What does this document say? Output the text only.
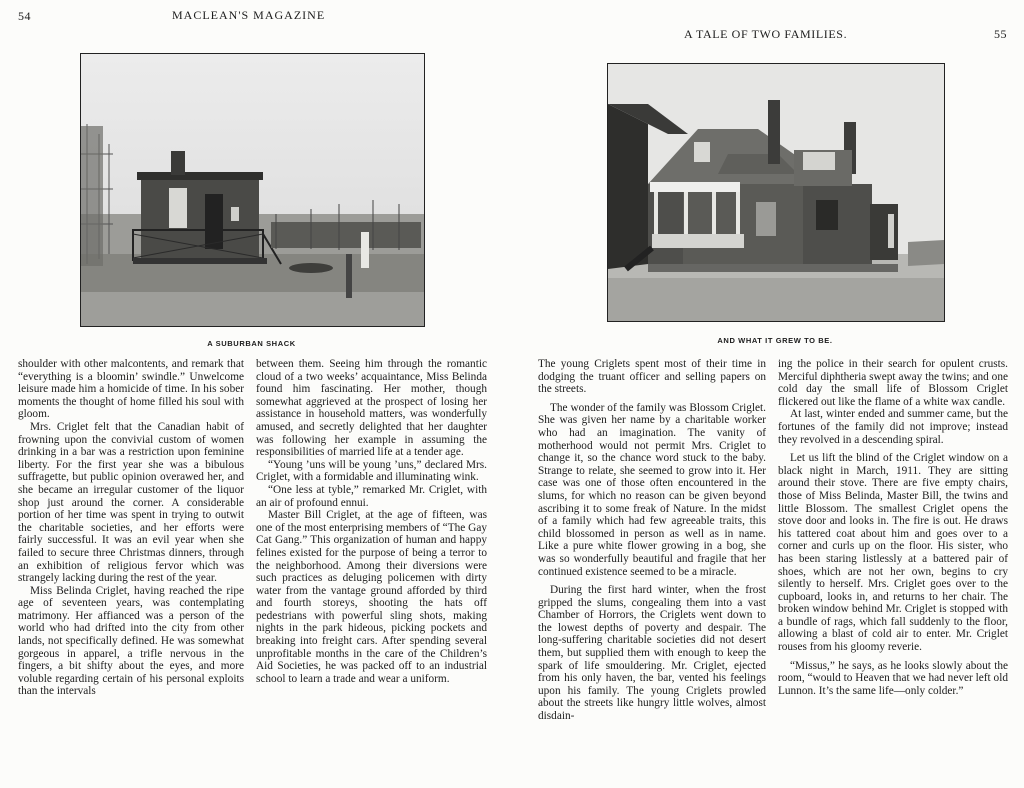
54	MACLEAN'S MAGAZINE
A SUBURBAN SHACK

shoulder with other malcontents, and remark that “everything is a bloomin’ swindle.” Unwelcome leisure made him a homicide of time. In his sober moments the thought of home filled his soul with gloom.

Mrs. Criglet felt that the Canadian habit of frowning upon the convivial custom of women drinking in a bar was a restriction upon feminine liberty. For the first year she was a bibulous suffragette, but public opinion overawed her, and she became an irregular customer of the liquor shop just around the corner. A considerable portion of her time was spent in trying to outwit the charitable societies, and her efforts were fairly successful. It was an evil year when she failed to secure three Christmas dinners, through an exhibition of religious fervor which was strangely lacking during the rest of the year.

Miss Belinda Criglet, having reached the ripe age of seventeen years, was contemplating matrimony. Her affianced was a person of the world who had drifted into the city from other lands, not specifically defined. He was somewhat gorgeous in apparel, a trifle nervous in the fingers, a bit shifty about the eyes, and more voluble regarding certain of his personal exploits than the intervals

between them. Seeing him through the romantic cloud of a two weeks’ acquaintance, Miss Belinda found him fascinating. Her mother, though somewhat aggrieved at the prospect of losing her assistance in household matters, was wonderfully amused, and secretly delighted that her daughter was following her example in assuming the responsibilities of married life at a tender age.

“Young ’uns will be young ’uns,” declared Mrs. Criglet, with a formidable and illuminating wink.

“One less at tyble,” remarked Mr. Criglet, with an air of profound ennui.

Master Bill Criglet, at the age of fifteen, was one of the most enterprising members of “The Gay Cat Gang.” This organization of human and happy felines existed for the purpose of being a terror to the neighborhood. Among their diversions were such practices as deluging policemen with dirty water from the vantage ground afforded by third and fourth storeys, shooting the hats off pedestrians with powerful sling shots, making nights in the park hideous, picking pockets and breaking into freight cars. After spending several unprofitable months in the care of the Children’s Aid Societies, he was packed off to an industrial school to learn a trade and wear a uniform.

A TALE OF TWO FAMILIES.	55
AND WHAT IT GREW TO BE.

The young Criglets spent most of their time in dodging the truant officer and selling papers on the streets.

The wonder of the family was Blossom Criglet. She was given her name by a charitable worker who had an imagination. The vanity of motherhood would not permit Mrs. Criglet to change it, so the chance word stuck to the baby. Strange to relate, she seemed to grow into it. Her case was one of those often encountered in the slums, for which no reason can be given beyond ascribing it to some freak of Nature. In the midst of a family which had few agreeable traits, this child blossomed in person as well as in name. Like a pure white flower growing in a bog, she was so wonderfully beautiful and fragile that her continued existence seemed to be a miracle.

During the first hard winter, when the frost gripped the slums, congealing them into a vast Chamber of Horrors, the Criglets went down to the lowest depths of poverty and despair. The long-suffering charitable societies did not desert them, but supplied them with enough to keep the spark of life smouldering. Mr. Criglet, ejected from his only haven, the bar, vented his feelings upon his family. The young Criglets prowled about the streets like hungry little wolves, almost disdain-

ing the police in their search for opulent crusts. Merciful diphtheria swept away the twins; and one cold day the small life of Blossom Criglet flickered out like the flame of a white wax candle.

At last, winter ended and summer came, but the fortunes of the family did not improve; instead they revolved in a descending spiral.

Let us lift the blind of the Criglet window on a black night in March, 1911. They are sitting around their stove. There are five empty chairs, those of Miss Belinda, Master Bill, the twins and little Blossom. The smallest Criglet opens the stove door and looks in. The fire is out. He draws his tattered coat about him and goes over to a corner and curls up on the floor. His sister, who has been staring listlessly at a battered pair of shoes, which are not her own, begins to cry silently to herself. Mrs. Criglet goes over to the cupboard, looks in, and returns to her chair. The broken window behind Mr. Criglet is stopped with a bundle of rags, which fall suddenly to the floor, allowing a blast of cold air to enter. Mr. Criglet rouses from his gloomy reverie.

“Missus,” he says, as he looks slowly about the room, “would to Heaven that we had never left old Lunnon. It’s the same life—only colder.”
